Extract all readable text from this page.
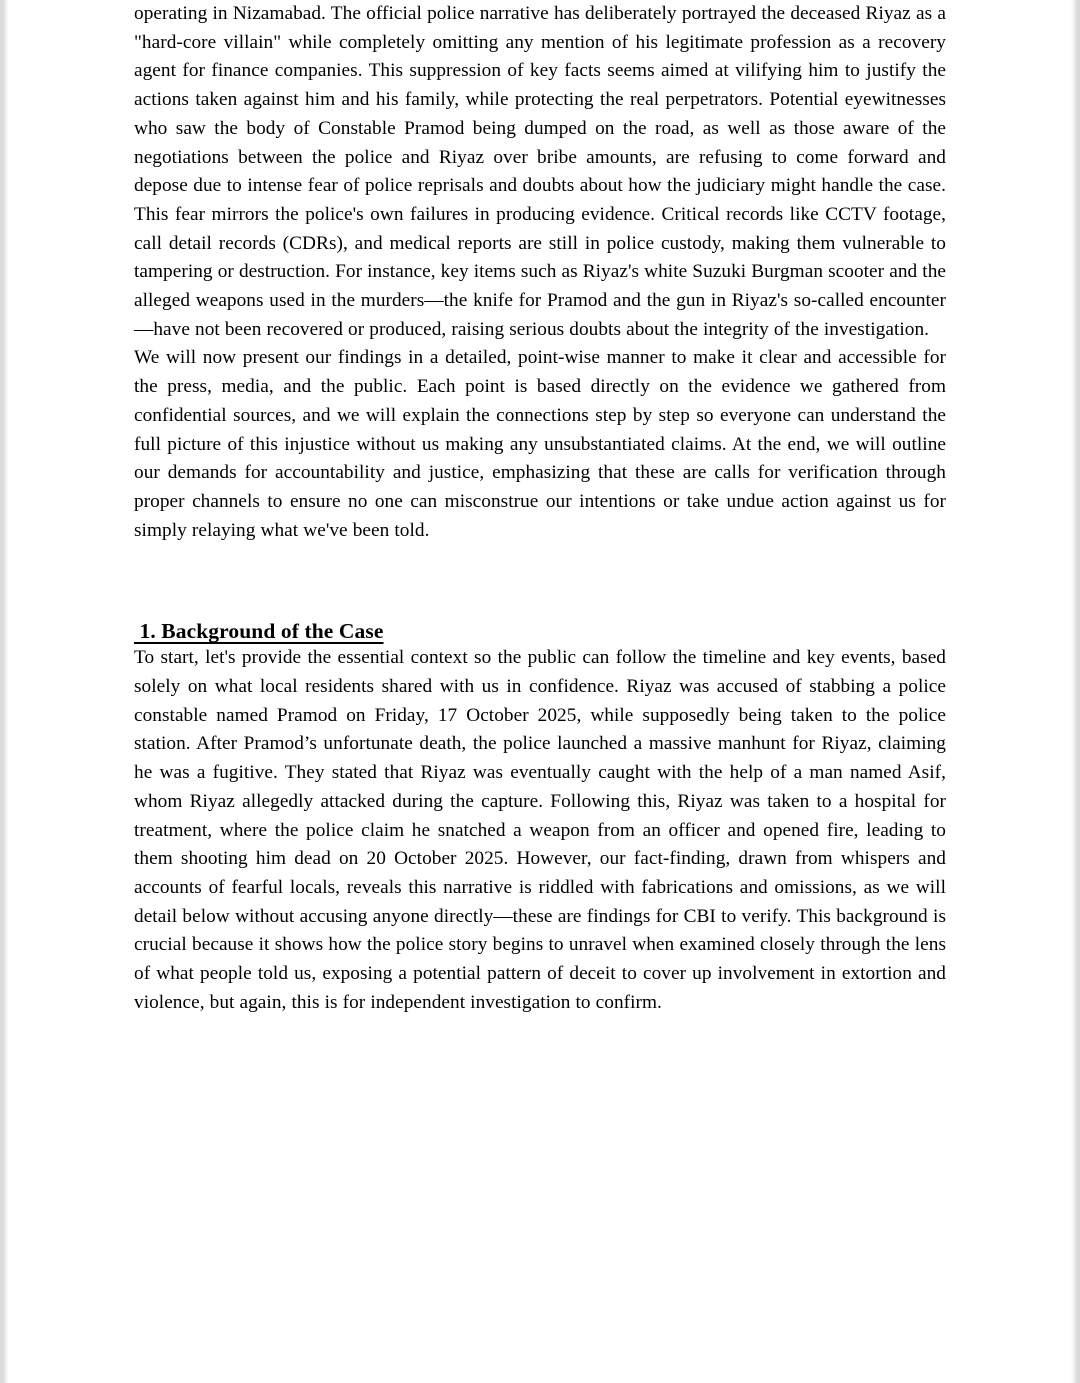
operating in Nizamabad. The official police narrative has deliberately portrayed the deceased Riyaz as a "hard-core villain" while completely omitting any mention of his legitimate profession as a recovery agent for finance companies. This suppression of key facts seems aimed at vilifying him to justify the actions taken against him and his family, while protecting the real perpetrators. Potential eyewitnesses who saw the body of Constable Pramod being dumped on the road, as well as those aware of the negotiations between the police and Riyaz over bribe amounts, are refusing to come forward and depose due to intense fear of police reprisals and doubts about how the judiciary might handle the case. This fear mirrors the police's own failures in producing evidence. Critical records like CCTV footage, call detail records (CDRs), and medical reports are still in police custody, making them vulnerable to tampering or destruction. For instance, key items such as Riyaz's white Suzuki Burgman scooter and the alleged weapons used in the murders—the knife for Pramod and the gun in Riyaz's so-called encounter—have not been recovered or produced, raising serious doubts about the integrity of the investigation.

We will now present our findings in a detailed, point-wise manner to make it clear and accessible for the press, media, and the public. Each point is based directly on the evidence we gathered from confidential sources, and we will explain the connections step by step so everyone can understand the full picture of this injustice without us making any unsubstantiated claims. At the end, we will outline our demands for accountability and justice, emphasizing that these are calls for verification through proper channels to ensure no one can misconstrue our intentions or take undue action against us for simply relaying what we've been told.

1. Background of the Case

To start, let's provide the essential context so the public can follow the timeline and key events, based solely on what local residents shared with us in confidence. Riyaz was accused of stabbing a police constable named Pramod on Friday, 17 October 2025, while supposedly being taken to the police station. After Pramod’s unfortunate death, the police launched a massive manhunt for Riyaz, claiming he was a fugitive. They stated that Riyaz was eventually caught with the help of a man named Asif, whom Riyaz allegedly attacked during the capture. Following this, Riyaz was taken to a hospital for treatment, where the police claim he snatched a weapon from an officer and opened fire, leading to them shooting him dead on 20 October 2025. However, our fact-finding, drawn from whispers and accounts of fearful locals, reveals this narrative is riddled with fabrications and omissions, as we will detail below without accusing anyone directly—these are findings for CBI to verify. This background is crucial because it shows how the police story begins to unravel when examined closely through the lens of what people told us, exposing a potential pattern of deceit to cover up involvement in extortion and violence, but again, this is for independent investigation to confirm.
